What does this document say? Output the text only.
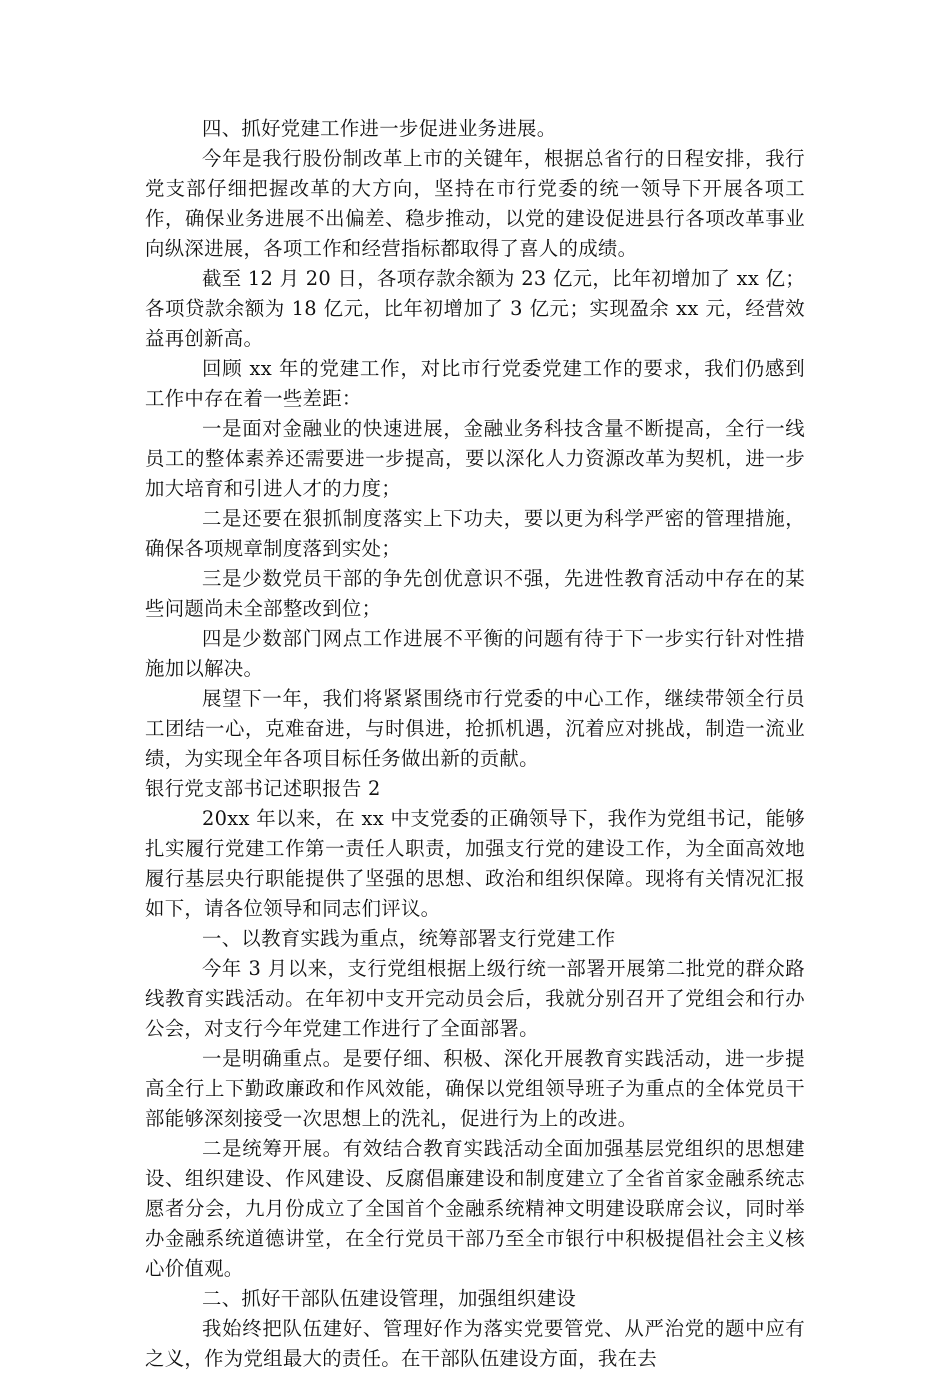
四、抓好党建工作进一步促进业务进展。

今年是我行股份制改革上市的关键年，根据总省行的日程安排，我行党支部仔细把握改革的大方向，坚持在市行党委的统一领导下开展各项工作，确保业务进展不出偏差、稳步推动，以党的建设促进县行各项改革事业向纵深进展，各项工作和经营指标都取得了喜人的成绩。

截至 12 月 20 日，各项存款余额为 23 亿元，比年初增加了 xx 亿；各项贷款余额为 18 亿元，比年初增加了 3 亿元；实现盈余 xx 元，经营效益再创新高。

回顾 xx 年的党建工作，对比市行党委党建工作的要求，我们仍感到工作中存在着一些差距：

一是面对金融业的快速进展，金融业务科技含量不断提高，全行一线员工的整体素养还需要进一步提高，要以深化人力资源改革为契机，进一步加大培育和引进人才的力度；

二是还要在狠抓制度落实上下功夫，要以更为科学严密的管理措施，确保各项规章制度落到实处；

三是少数党员干部的争先创优意识不强，先进性教育活动中存在的某些问题尚未全部整改到位；

四是少数部门网点工作进展不平衡的问题有待于下一步实行针对性措施加以解决。

展望下一年，我们将紧紧围绕市行党委的中心工作，继续带领全行员工团结一心，克难奋进，与时俱进，抢抓机遇，沉着应对挑战，制造一流业绩，为实现全年各项目标任务做出新的贡献。

银行党支部书记述职报告 2

20xx 年以来，在 xx 中支党委的正确领导下，我作为党组书记，能够扎实履行党建工作第一责任人职责，加强支行党的建设工作，为全面高效地履行基层央行职能提供了坚强的思想、政治和组织保障。现将有关情况汇报如下，请各位领导和同志们评议。

一、以教育实践为重点，统筹部署支行党建工作

今年 3 月以来，支行党组根据上级行统一部署开展第二批党的群众路线教育实践活动。在年初中支开完动员会后，我就分别召开了党组会和行办公会，对支行今年党建工作进行了全面部署。

一是明确重点。是要仔细、积极、深化开展教育实践活动，进一步提高全行上下勤政廉政和作风效能，确保以党组领导班子为重点的全体党员干部能够深刻接受一次思想上的洗礼，促进行为上的改进。

二是统筹开展。有效结合教育实践活动全面加强基层党组织的思想建设、组织建设、作风建设、反腐倡廉建设和制度建立了全省首家金融系统志愿者分会，九月份成立了全国首个金融系统精神文明建设联席会议，同时举办金融系统道德讲堂，在全行党员干部乃至全市银行中积极提倡社会主义核心价值观。

二、抓好干部队伍建设管理，加强组织建设

我始终把队伍建好、管理好作为落实党要管党、从严治党的题中应有之义，作为党组最大的责任。在干部队伍建设方面，我在去
